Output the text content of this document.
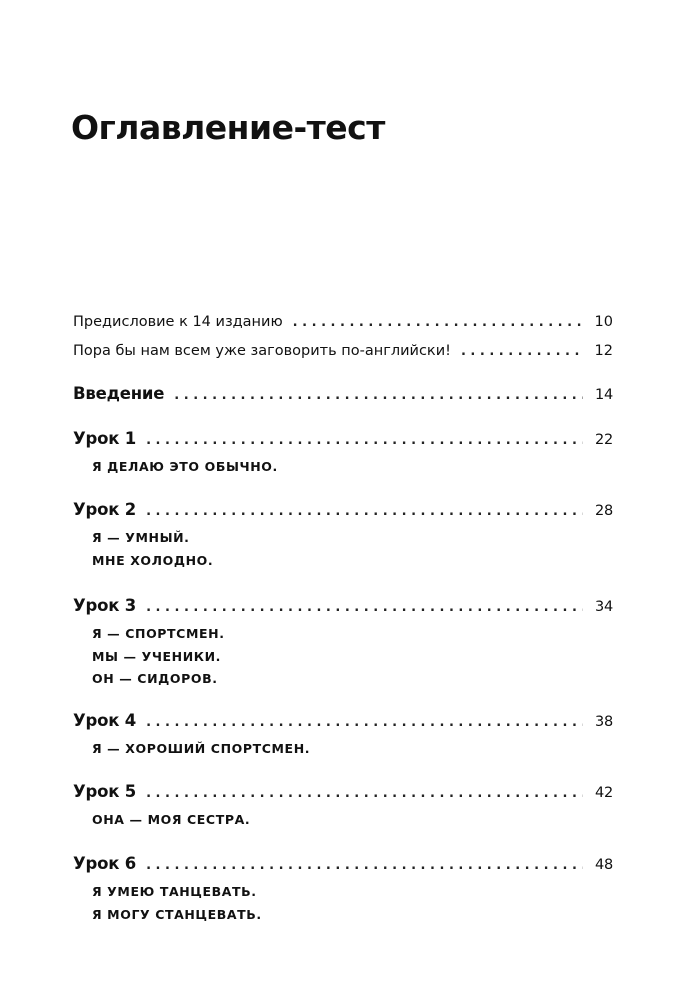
Оглавление-тест
Предисловие к 14 изданию . . .	10
Пора бы нам всем уже заговорить по-английски! . . .	12
Введение . . .	14
Урок 1 . . .	22
Я ДЕЛАЮ ЭТО ОБЫЧНО.
Урок 2 . . .	28
Я — УМНЫЙ.
МНЕ ХОЛОДНО.
Урок 3 . . .	34
Я — СПОРТСМЕН.
МЫ — УЧЕНИКИ.
ОН — СИДОРОВ.
Урок 4 . . .	38
Я — ХОРОШИЙ СПОРТСМЕН.
Урок 5 . . .	42
ОНА — МОЯ СЕСТРА.
Урок 6 . . .	48
Я УМЕЮ ТАНЦЕВАТЬ.
Я МОГУ СТАНЦЕВАТЬ.
